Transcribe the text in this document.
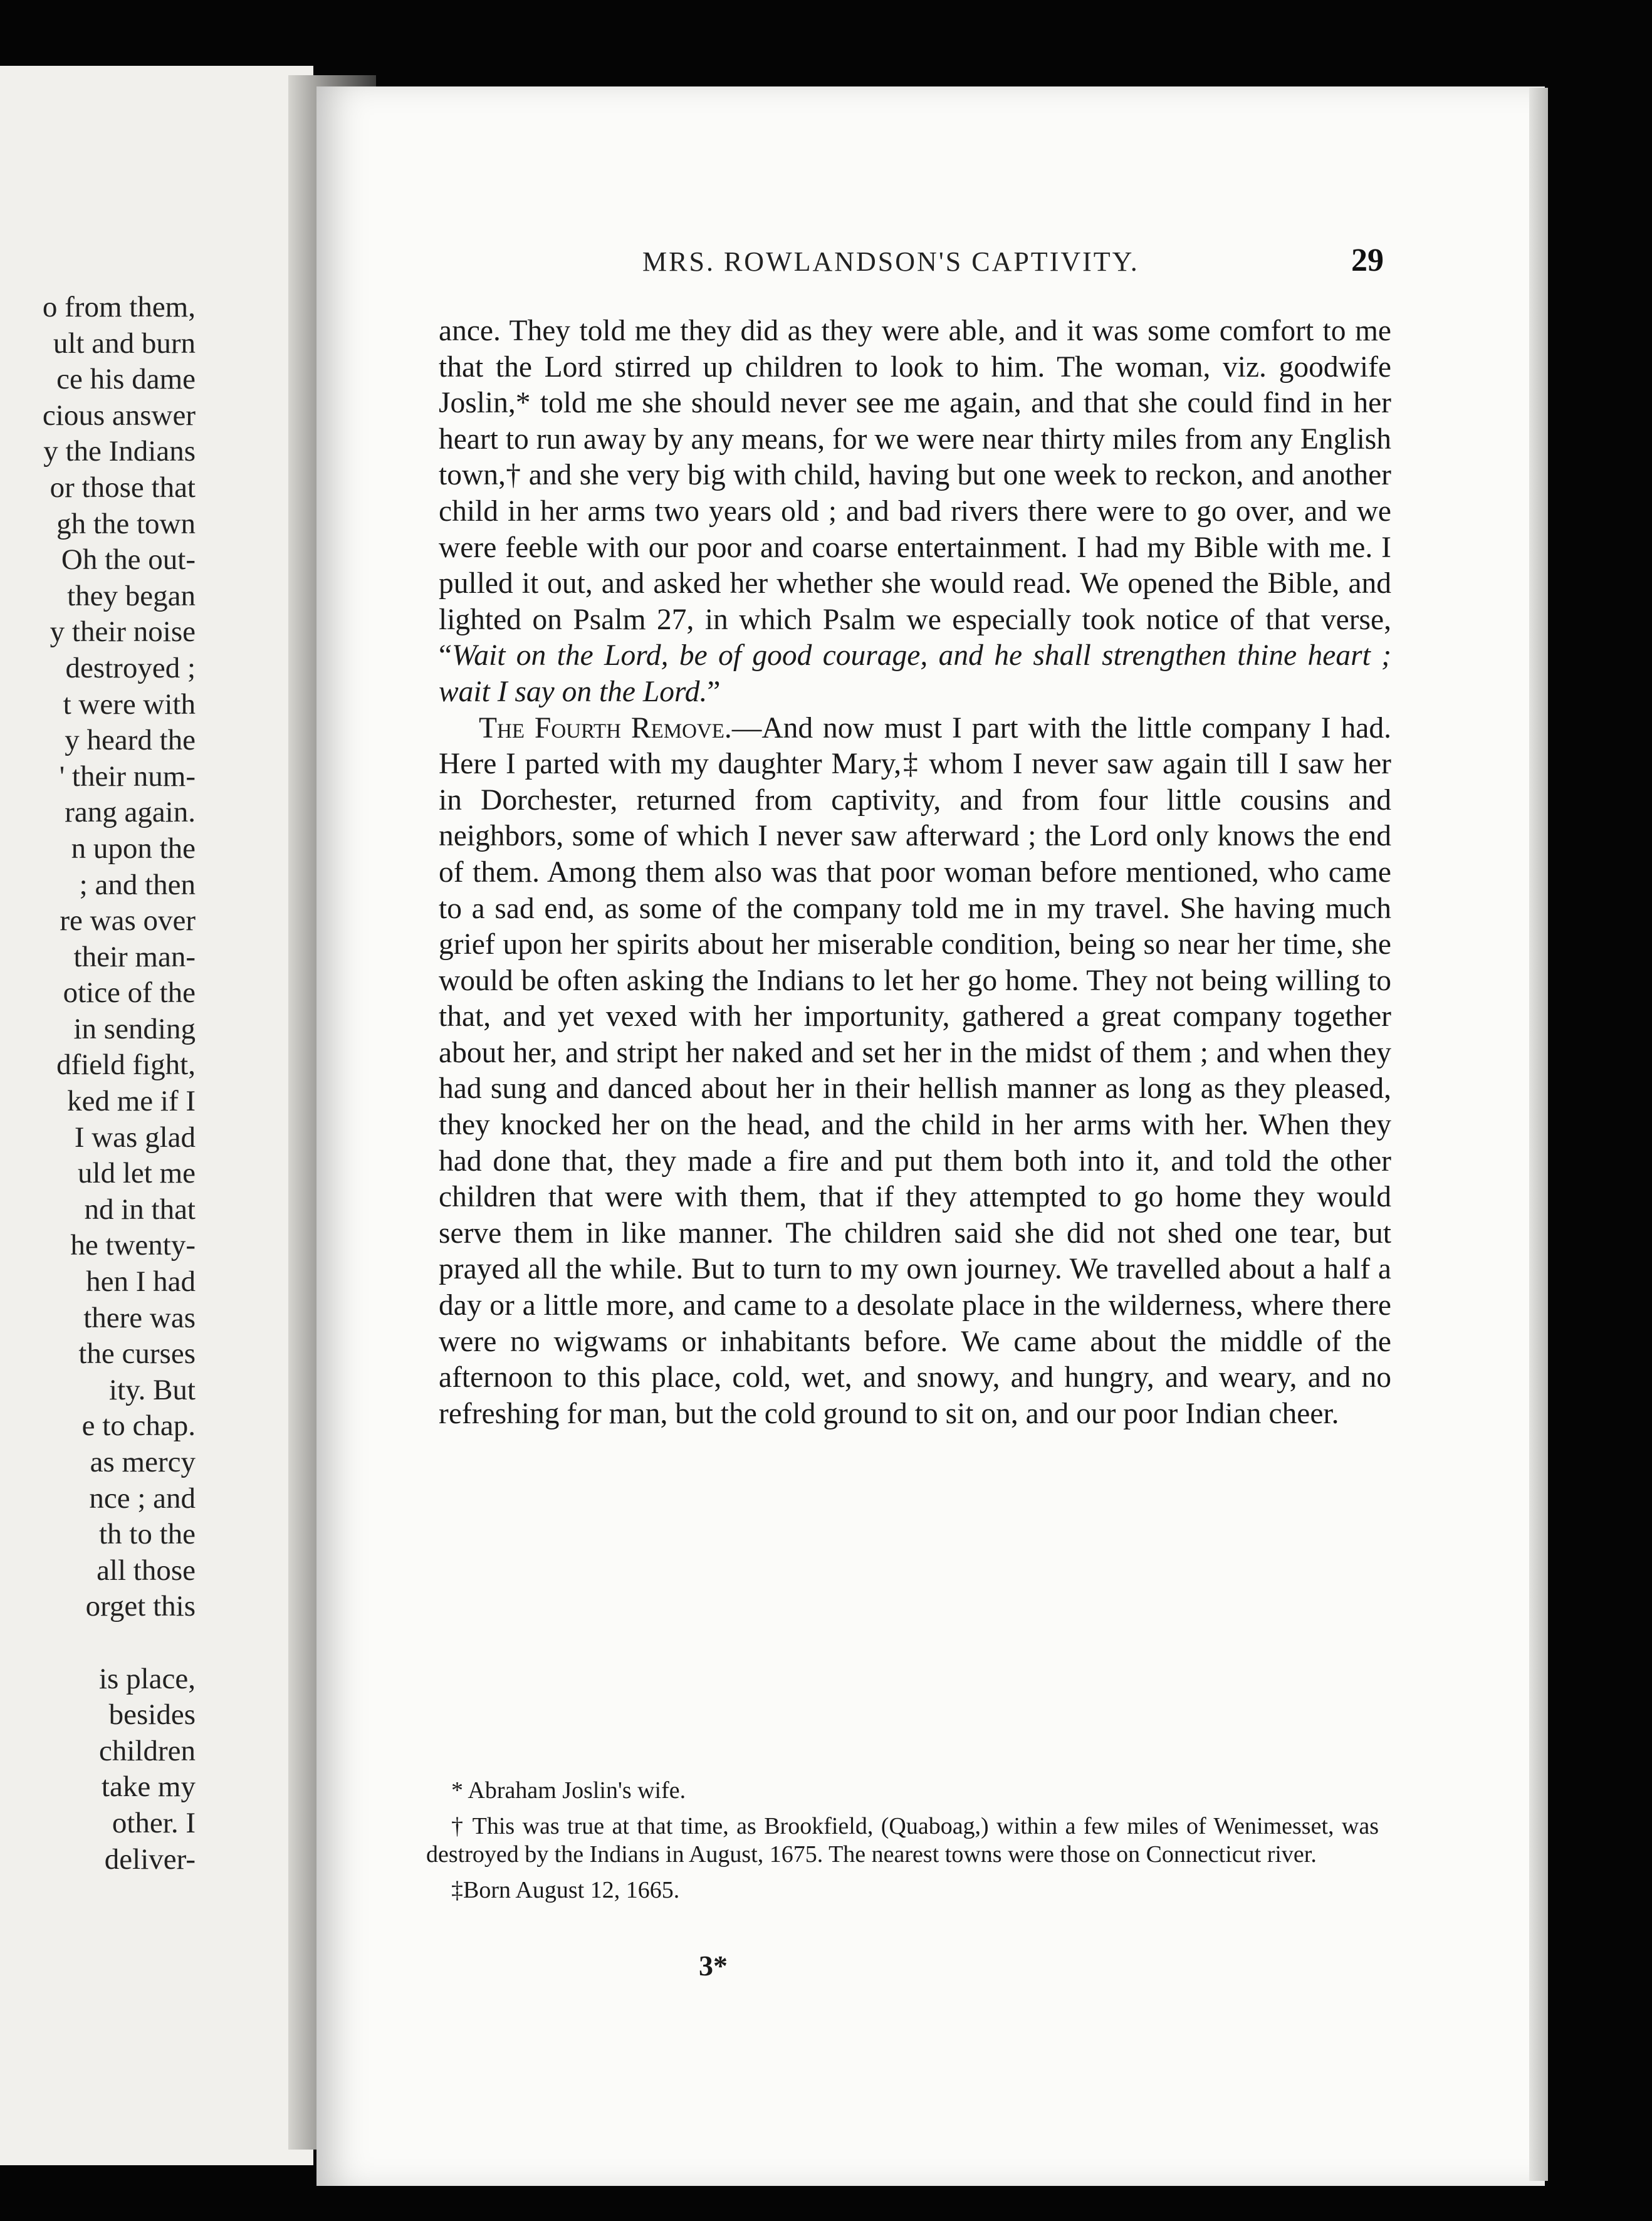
o from them,
ult and burn
ce his dame
cious answer
y the Indians
or those that
gh the town
Oh the out-
they began
y their noise
destroyed ;
t were with
y heard the
' their num-
rang again.
n upon the
; and then
re was over
their man-
otice of the
in sending
dfield fight,
ked me if I
I was glad
uld let me
nd in that
he twenty-
hen I had
there was
the curses
ity. But
e to chap.
as mercy
nce ; and
th to the
all those
orget this
is place,
besides
children
take my
other. I
deliver-
MRS. ROWLANDSON'S CAPTIVITY.	29

ance. They told me they did as they were able, and it was some comfort to me that the Lord stirred up children to look to him. The woman, viz. goodwife Joslin,* told me she should never see me again, and that she could find in her heart to run away by any means, for we were near thirty miles from any English town,† and she very big with child, having but one week to reckon, and another child in her arms two years old ; and bad rivers there were to go over, and we were feeble with our poor and coarse entertainment. I had my Bible with me. I pulled it out, and asked her whether she would read. We opened the Bible, and lighted on Psalm 27, in which Psalm we especially took notice of that verse, “Wait on the Lord, be of good courage, and he shall strengthen thine heart ; wait I say on the Lord.”

The Fourth Remove.—And now must I part with the little company I had. Here I parted with my daughter Mary,‡ whom I never saw again till I saw her in Dorchester, returned from captivity, and from four little cousins and neighbors, some of which I never saw afterward ; the Lord only knows the end of them. Among them also was that poor woman before mentioned, who came to a sad end, as some of the company told me in my travel. She having much grief upon her spirits about her miserable condition, being so near her time, she would be often asking the Indians to let her go home. They not being willing to that, and yet vexed with her importunity, gathered a great company together about her, and stript her naked and set her in the midst of them ; and when they had sung and danced about her in their hellish manner as long as they pleased, they knocked her on the head, and the child in her arms with her. When they had done that, they made a fire and put them both into it, and told the other children that were with them, that if they attempted to go home they would serve them in like manner. The children said she did not shed one tear, but prayed all the while. But to turn to my own journey. We travelled about a half a day or a little more, and came to a desolate place in the wilderness, where there were no wigwams or inhabitants before. We came about the middle of the afternoon to this place, cold, wet, and snowy, and hungry, and weary, and no refreshing for man, but the cold ground to sit on, and our poor Indian cheer.

* Abraham Joslin's wife.

† This was true at that time, as Brookfield, (Quaboag,) within a few miles of Wenimesset, was destroyed by the Indians in August, 1675. The nearest towns were those on Connecticut river.

‡Born August 12, 1665.

3*
